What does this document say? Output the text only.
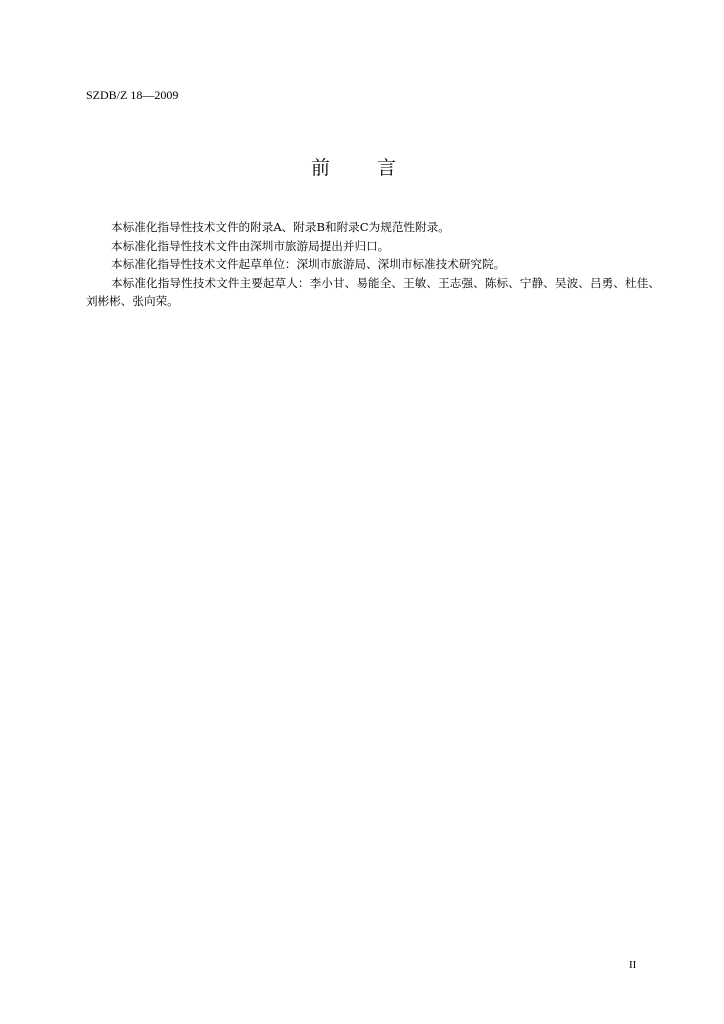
SZDB/Z 18—2009
前言

本标准化指导性技术文件的附录A、附录B和附录C为规范性附录。

本标准化指导性技术文件由深圳市旅游局提出并归口。

本标准化指导性技术文件起草单位：深圳市旅游局、深圳市标准技术研究院。

本标准化指导性技术文件主要起草人：李小甘、易能全、王敏、王志强、陈标、宁静、吴波、吕勇、杜佳、刘彬彬、张向荣。

II
